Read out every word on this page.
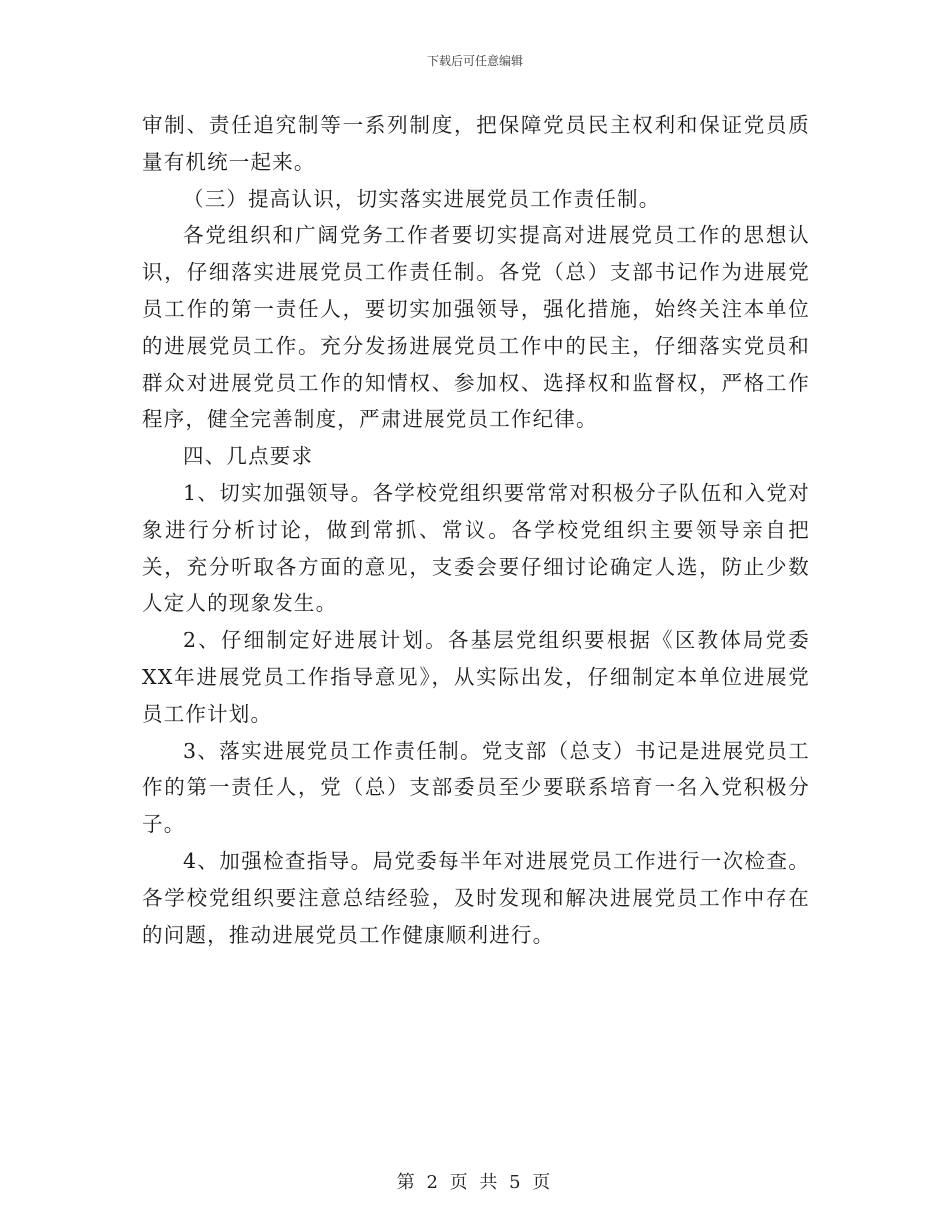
下载后可任意编辑

审制、责任追究制等一系列制度，把保障党员民主权利和保证党员质量有机统一起来。

（三）提高认识，切实落实进展党员工作责任制。

各党组织和广阔党务工作者要切实提高对进展党员工作的思想认识，仔细落实进展党员工作责任制。各党（总）支部书记作为进展党员工作的第一责任人，要切实加强领导，强化措施，始终关注本单位的进展党员工作。充分发扬进展党员工作中的民主，仔细落实党员和群众对进展党员工作的知情权、参加权、选择权和监督权，严格工作程序，健全完善制度，严肃进展党员工作纪律。

四、几点要求

1、切实加强领导。各学校党组织要常常对积极分子队伍和入党对象进行分析讨论，做到常抓、常议。各学校党组织主要领导亲自把关，充分听取各方面的意见，支委会要仔细讨论确定人选，防止少数人定人的现象发生。

2、仔细制定好进展计划。各基层党组织要根据《区教体局党委XX年进展党员工作指导意见》，从实际出发，仔细制定本单位进展党员工作计划。

3、落实进展党员工作责任制。党支部（总支）书记是进展党员工作的第一责任人，党（总）支部委员至少要联系培育一名入党积极分子。

4、加强检查指导。局党委每半年对进展党员工作进行一次检查。各学校党组织要注意总结经验，及时发现和解决进展党员工作中存在的问题，推动进展党员工作健康顺利进行。

第 2 页 共 5 页
